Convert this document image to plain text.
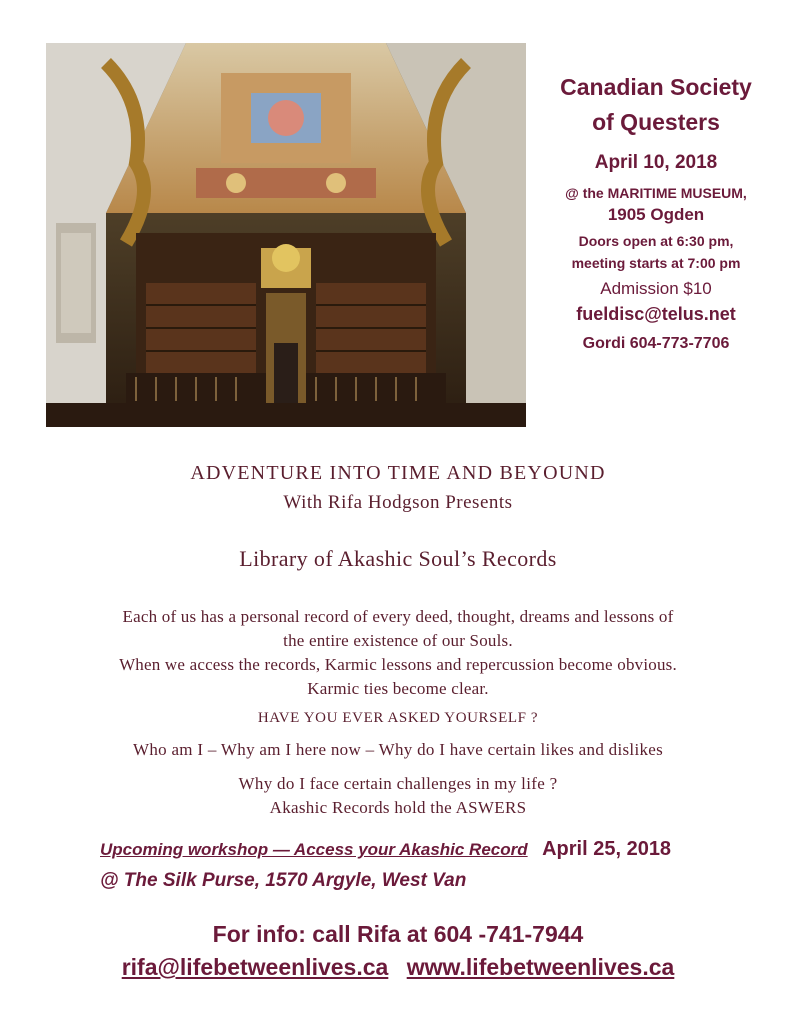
Canadian Society
of Questers
April 10, 2018
@ the MARITIME MUSEUM,
1905 Ogden
Doors open at 6:30 pm,
meeting starts at 7:00 pm
Admission $10
fueldisc@telus.net
Gordi 604-773-7706
ADVENTURE INTO TIME AND BEYOUND
With Rifa Hodgson Presents
Library of Akashic Soul’s Records
Each of us has a personal record of every deed, thought, dreams and lessons of
the entire existence of our Souls.
When we access the records, Karmic lessons and repercussion become obvious.
Karmic ties become clear.
HAVE YOU EVER ASKED YOURSELF ?
Who am I – Why am I here now – Why do I have certain likes and dislikes
Why do I face certain challenges in my life ?
Akashic Records hold the ASWERS
Upcoming workshop — Access your Akashic Record April 25, 2018
@ The Silk Purse, 1570 Argyle, West Van
For info: call Rifa at 604 -741-7944
rifa@lifebetweenlives.ca www.lifebetweenlives.ca
